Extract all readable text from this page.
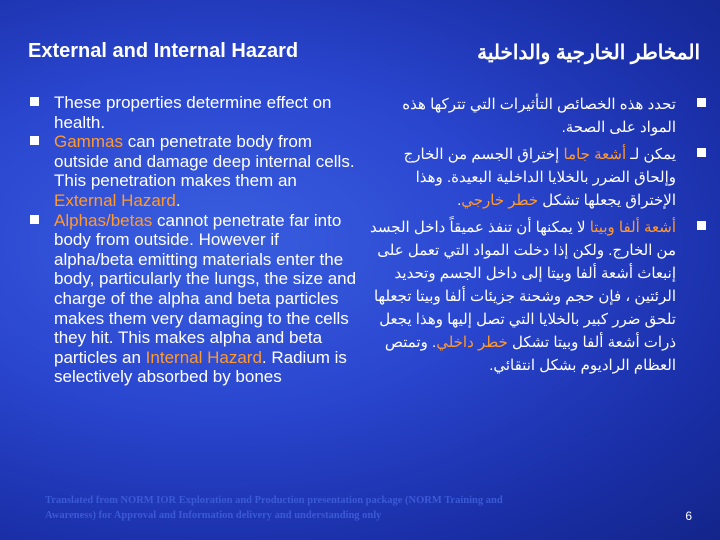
External and Internal Hazard	المخاطر الخارجية والداخلية
These properties determine effect on health.
Gammas can penetrate body from outside and damage deep internal cells. This penetration makes them an External Hazard.
Alphas/betas cannot penetrate far into body from outside. However if alpha/beta emitting materials enter the body, particularly the lungs, the size and charge of the alpha and beta particles makes them very damaging to the cells they hit. This makes alpha and beta particles an Internal Hazard. Radium is selectively absorbed by bones
تحدد هذه الخصائص التأثيرات التي تتركها هذه المواد على الصحة.
يمكن لـ أشعة جاما إختراق الجسم من الخارج وإلحاق الضرر بالخلايا الداخلية البعيدة. وهذا الإختراق يجعلها تشكل خطر خارجي.
أشعة ألفا وبيتا لا يمكنها أن تنفذ عميقاً داخل الجسد من الخارج. ولكن إذا دخلت المواد التي تعمل على إنبعاث أشعة ألفا وبيتا إلى داخل الجسم وتحديد الرئتين ، فإن حجم وشحنة جزيئات ألفا وبيتا تجعلها تلحق ضرر كبير بالخلايا التي تصل إليها وهذا يجعل ذرات أشعة ألفا وبيتا تشكل خطر داخلي. وتمتص العظام الراديوم بشكل انتقائي.
Translated from NORM IOR Exploration and Production presentation package (NORM Training and Awareness) for Approval and Information delivery and understanding only	6
